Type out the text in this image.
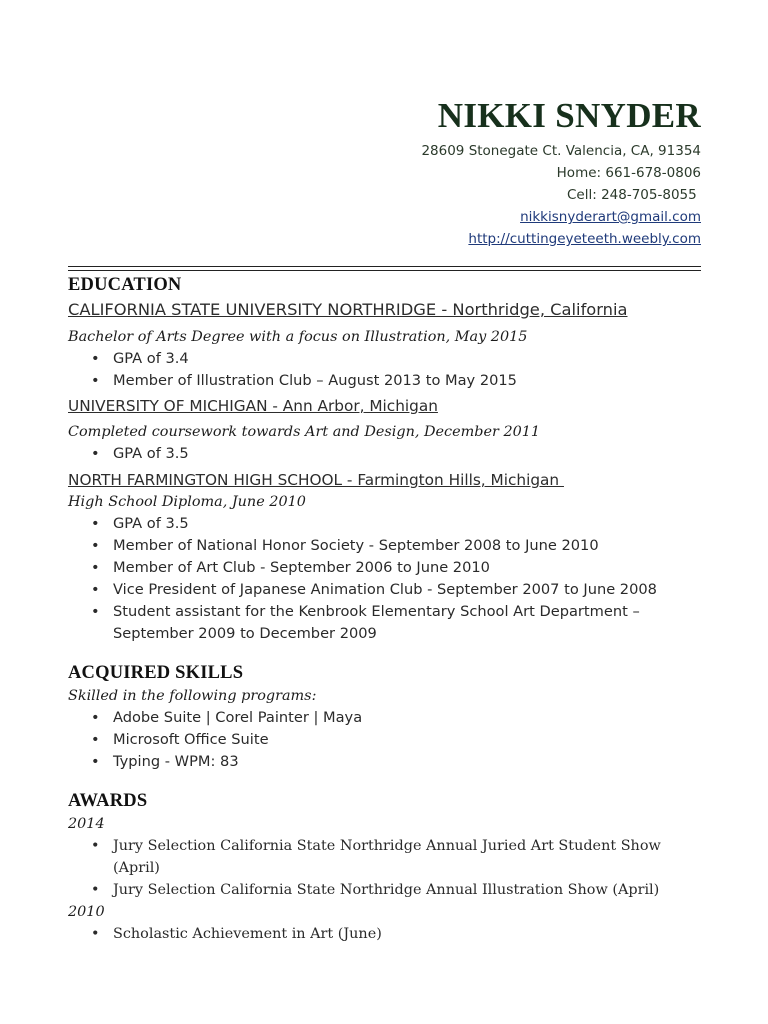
NIKKI SNYDER
28609 Stonegate Ct. Valencia, CA, 91354
Home: 661-678-0806
Cell: 248-705-8055
nikkisnyderart@gmail.com
http://cuttingeyeteeth.weebly.com
EDUCATION
CALIFORNIA STATE UNIVERSITY NORTHRIDGE - Northridge, California
Bachelor of Arts Degree with a focus on Illustration, May 2015
• GPA of 3.4
• Member of Illustration Club – August 2013 to May 2015
UNIVERSITY OF MICHIGAN - Ann Arbor, Michigan
Completed coursework towards Art and Design, December 2011
• GPA of 3.5
NORTH FARMINGTON HIGH SCHOOL - Farmington Hills, Michigan
High School Diploma, June 2010
• GPA of 3.5
• Member of National Honor Society - September 2008 to June 2010
• Member of Art Club - September 2006 to June 2010
• Vice President of Japanese Animation Club - September 2007 to June 2008
• Student assistant for the Kenbrook Elementary School Art Department – September 2009 to December 2009
ACQUIRED SKILLS
Skilled in the following programs:
• Adobe Suite | Corel Painter | Maya
• Microsoft Office Suite
• Typing - WPM: 83
AWARDS
2014
• Jury Selection California State Northridge Annual Juried Art Student Show (April)
• Jury Selection California State Northridge Annual Illustration Show (April)
2010
• Scholastic Achievement in Art (June)
